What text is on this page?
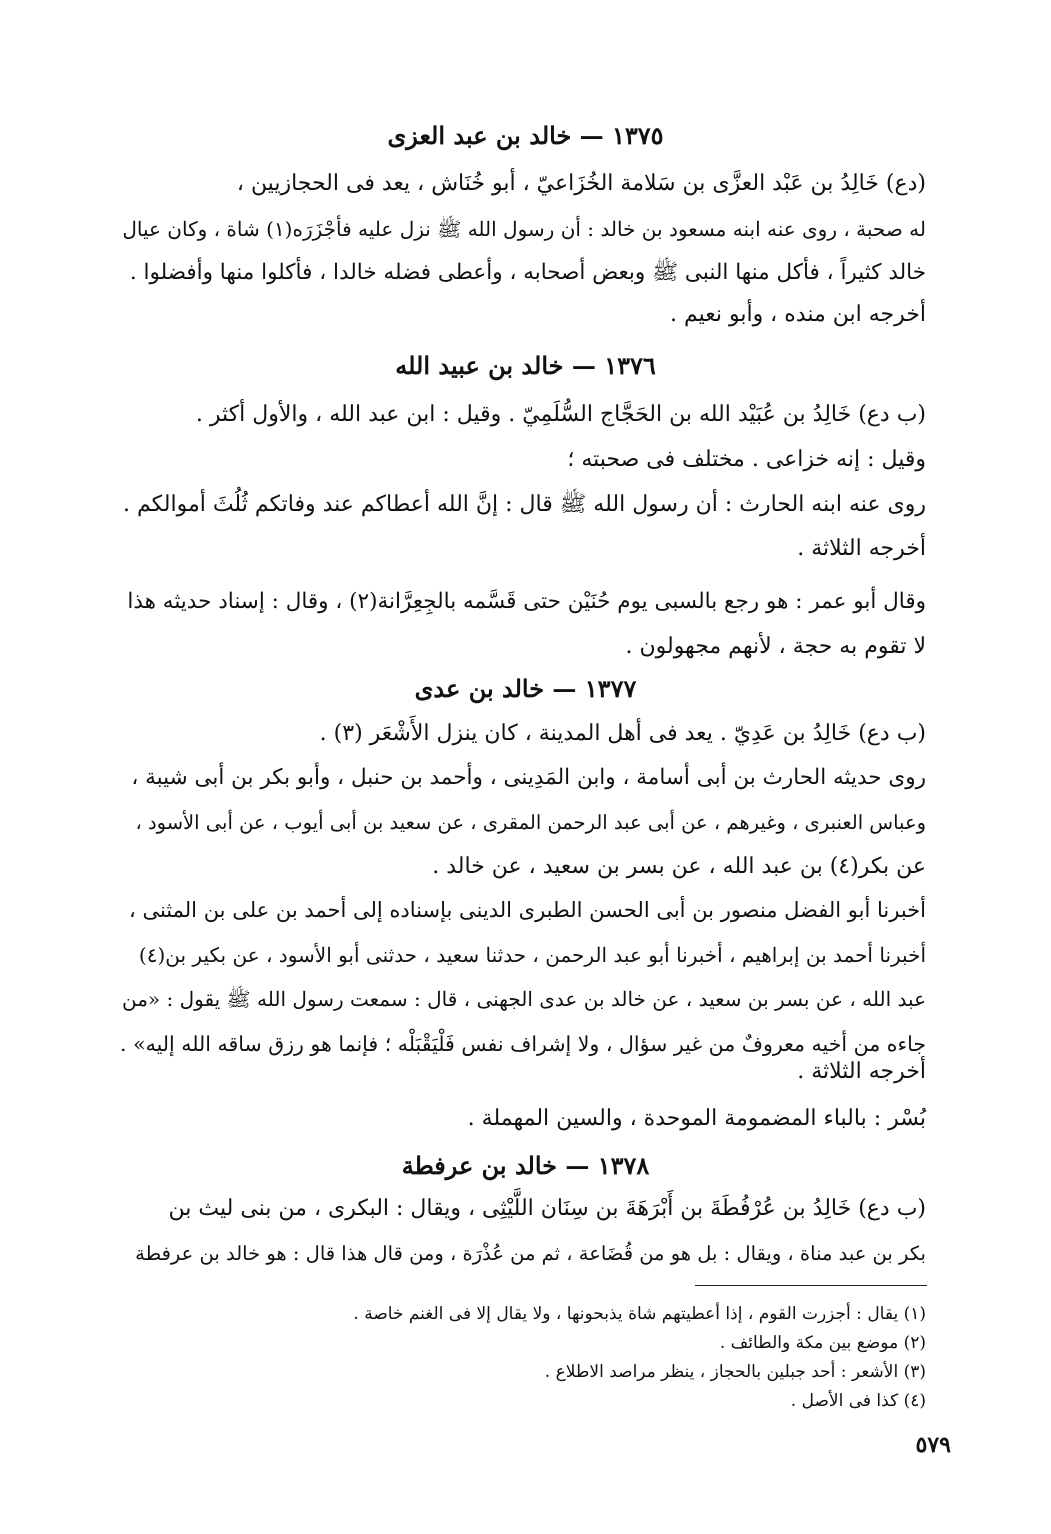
١٣٧٥ — خالد بن عبد العزى
(دع) خَالِدُ بن عَبْد العزَّى بن سَلامة الخُزَاعيّ ، أبو خُنَاش ، يعد فى الحجازيين ،
له صحبة ، روى عنه ابنه مسعود بن خالد : أن رسول الله ﷺ نزل عليه فأجْزَرَه(١) شاة ، وكان عيال
خالد كثيراً ، فأكل منها النبى ﷺ وبعض أصحابه ، وأعطى فضله خالدا ، فأكلوا منها وأفضلوا .
أخرجه ابن منده ، وأبو نعيم .
١٣٧٦ — خالد بن عبيد الله
(ب دع) خَالِدُ بن عُبَيْد الله بن الحَجَّاج السُّلَمِيّ . وقيل : ابن عبد الله ، والأول أكثر .
وقيل : إنه خزاعى . مختلف فى صحبته ؛
روى عنه ابنه الحارث : أن رسول الله ﷺ قال : إنَّ الله أعطاكم عند وفاتكم ثُلُثَ أموالكم .
أخرجه الثلاثة .
وقال أبو عمر : هو رجع بالسبى يوم حُنَيْن حتى قَسَّمه بالجِعِرَّانة(٢) ، وقال : إسناد حديثه هذا
لا تقوم به حجة ، لأنهم مجهولون .
١٣٧٧ — خالد بن عدى
(ب دع) خَالِدُ بن عَدِيّ . يعد فى أهل المدينة ، كان ينزل الأَشْعَر (٣) .
روى حديثه الحارث بن أبى أسامة ، وابن المَدِينى ، وأحمد بن حنبل ، وأبو بكر بن أبى شيبة ،
وعباس العنبرى ، وغيرهم ، عن أبى عبد الرحمن المقرى ، عن سعيد بن أبى أيوب ، عن أبى الأسود ،
عن بكر(٤) بن عبد الله ، عن بسر بن سعيد ، عن خالد .
أخبرنا أبو الفضل منصور بن أبى الحسن الطبرى الدينى بإسناده إلى أحمد بن على بن المثنى ،
أخبرنا أحمد بن إبراهيم ، أخبرنا أبو عبد الرحمن ، حدثنا سعيد ، حدثنى أبو الأسود ، عن بكير بن(٤)
عبد الله ، عن بسر بن سعيد ، عن خالد بن عدى الجهنى ، قال : سمعت رسول الله ﷺ يقول : «من
جاءه من أخيه معروفٌ من غير سؤال ، ولا إشراف نفس فَلْيَقْبَلْه ؛ فإنما هو رزق ساقه الله إليه» .
أخرجه الثلاثة .
بُسْر : بالباء المضمومة الموحدة ، والسين المهملة .
١٣٧٨ — خالد بن عرفطة
(ب دع) خَالِدُ بن عُرْفُطَةَ بن أَبْرَهَةَ بن سِنَان اللَّيْثِى ، ويقال : البكرى ، من بنى ليث بن
بكر بن عبد مناة ، ويقال : بل هو من قُضَاعة ، ثم من عُذْرَة ، ومن قال هذا قال : هو خالد بن عرفطة
(١) يقال : أجزرت القوم ، إذا أعطيتهم شاة يذبحونها ، ولا يقال إلا فى الغنم خاصة .
(٢) موضع بين مكة والطائف .
(٣) الأشعر : أحد جبلين بالحجاز ، ينظر مراصد الاطلاع .
(٤) كذا فى الأصل .
٥٧٩
